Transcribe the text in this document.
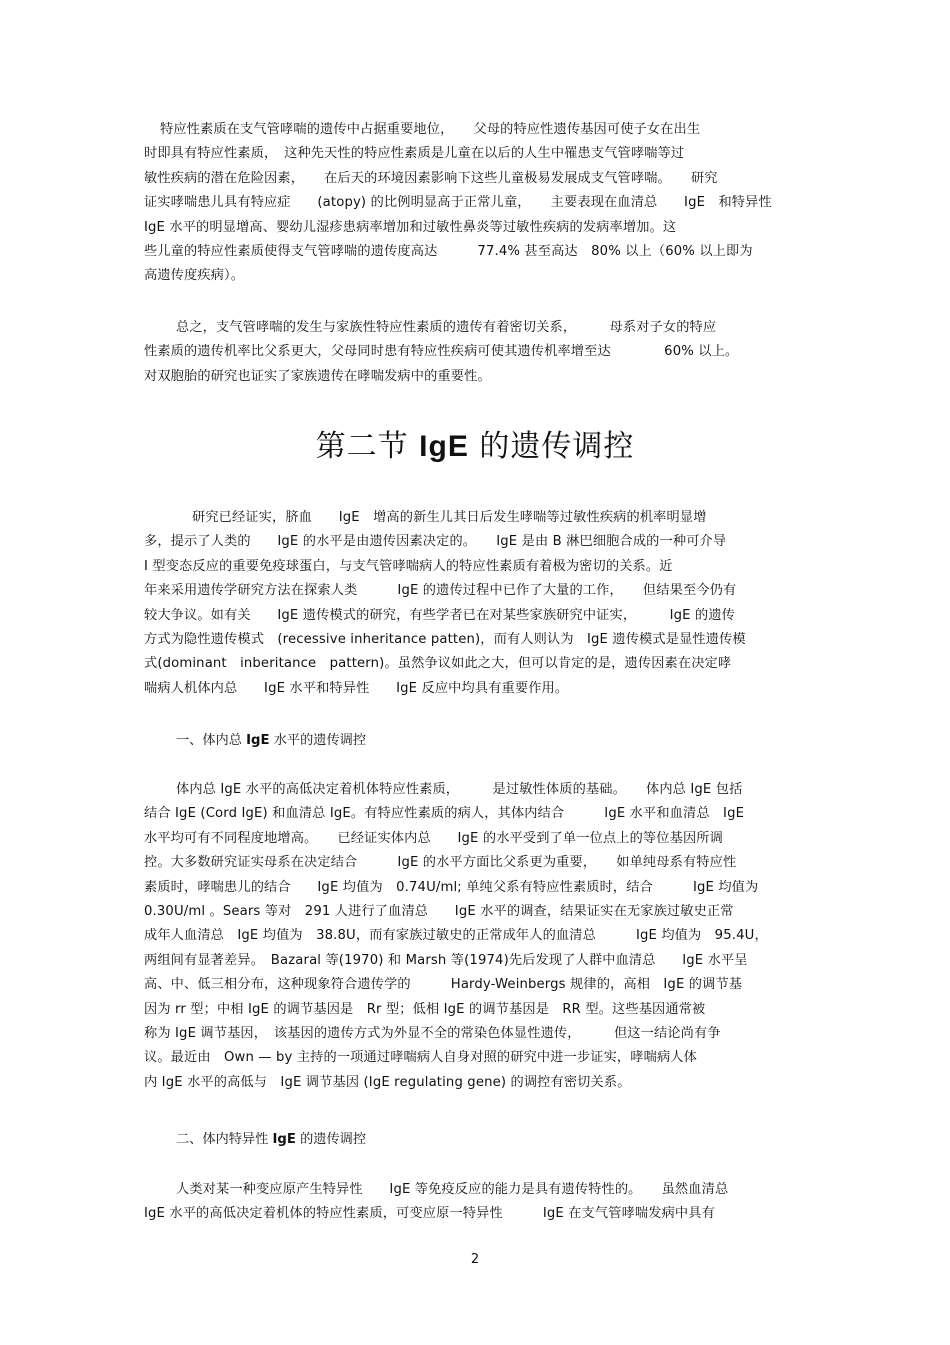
特应性素质在支气管哮喘的遗传中占据重要地位，　　父母的特应性遗传基因可使子女在出生
时即具有特应性素质，　这种先天性的特应性素质是儿童在以后的人生中罹患支气管哮喘等过
敏性疾病的潜在危险因素，　　在后天的环境因素影响下这些儿童极易发展成支气管哮喘。　　研究
证实哮喘患儿具有特应症　　(atopy) 的比例明显高于正常儿童，　　主要表现在血清总　　IgE　和特异性
IgE 水平的明显增高、婴幼儿湿疹患病率增加和过敏性鼻炎等过敏性疾病的发病率增加。这
些儿童的特应性素质使得支气管哮喘的遗传度高达　　　77.4% 甚至高达　80% 以上（60% 以上即为
高遗传度疾病）。
总之，支气管哮喘的发生与家族性特应性素质的遗传有着密切关系，　　　母系对子女的特应
性素质的遗传机率比父系更大，父母同时患有特应性疾病可使其遗传机率增至达　　　　60% 以上。
对双胞胎的研究也证实了家族遗传在哮喘发病中的重要性。
第二节 IgE 的遗传调控
研究已经证实，脐血　　IgE　增高的新生儿其日后发生哮喘等过敏性疾病的机率明显增
多，提示了人类的　　IgE 的水平是由遗传因素决定的。　　IgE 是由 B 淋巴细胞合成的一种可介导
I 型变态反应的重要免疫球蛋白，与支气管哮喘病人的特应性素质有着极为密切的关系。近
年来采用遗传学研究方法在探索人类　　　IgE 的遗传过程中已作了大量的工作，　　但结果至今仍有
较大争议。如有关　　IgE 遗传模式的研究，有些学者已在对某些家族研究中证实，　　　IgE 的遗传
方式为隐性遗传模式　(recessive inheritance patten)，而有人则认为　IgE 遗传模式是显性遗传模
式(dominant　inberitance　pattern)。虽然争议如此之大，但可以肯定的是，遗传因素在决定哮
喘病人机体内总　　IgE 水平和特异性　　IgE 反应中均具有重要作用。
一、体内总 IgE 水平的遗传调控
体内总 IgE 水平的高低决定着机体特应性素质，　　　是过敏性体质的基础。　　体内总 IgE 包括
结合 IgE (Cord IgE) 和血清总 IgE。有特应性素质的病人，其体内结合　　　IgE 水平和血清总　IgE
水平均可有不同程度地增高。　　已经证实体内总　　IgE 的水平受到了单一位点上的等位基因所调
控。大多数研究证实母系在决定结合　　　IgE 的水平方面比父系更为重要，　　如单纯母系有特应性
素质时，哮喘患儿的结合　　IgE 均值为　0.74U/ml; 单纯父系有特应性素质时，结合　　　IgE 均值为
0.30U/ml 。Sears 等对　291 人进行了血清总　　IgE 水平的调查，结果证实在无家族过敏史正常
成年人血清总　IgE 均值为　38.8U，而有家族过敏史的正常成年人的血清总　　　IgE 均值为　95.4U，
两组间有显著差异。　Bazaral 等(1970) 和 Marsh 等(1974)先后发现了人群中血清总　　IgE 水平呈
高、中、低三相分布，这种现象符合遗传学的　　　Hardy-Weinbergs 规律的，高相　IgE 的调节基
因为 rr 型；中相 IgE 的调节基因是　Rr 型；低相 IgE 的调节基因是　RR 型。这些基因通常被
称为 IgE 调节基因，　该基因的遗传方式为外显不全的常染色体显性遗传，　　　但这一结论尚有争
议。最近由　Own — by 主持的一项通过哮喘病人自身对照的研究中进一步证实，哮喘病人体
内 IgE 水平的高低与　IgE 调节基因 (IgE regulating gene) 的调控有密切关系。
二、体内特异性 IgE 的遗传调控
人类对某一种变应原产生特异性　　IgE 等免疫反应的能力是具有遗传特性的。　　虽然血清总
IgE 水平的高低决定着机体的特应性素质，可变应原一特异性　　　IgE 在支气管哮喘发病中具有
2
